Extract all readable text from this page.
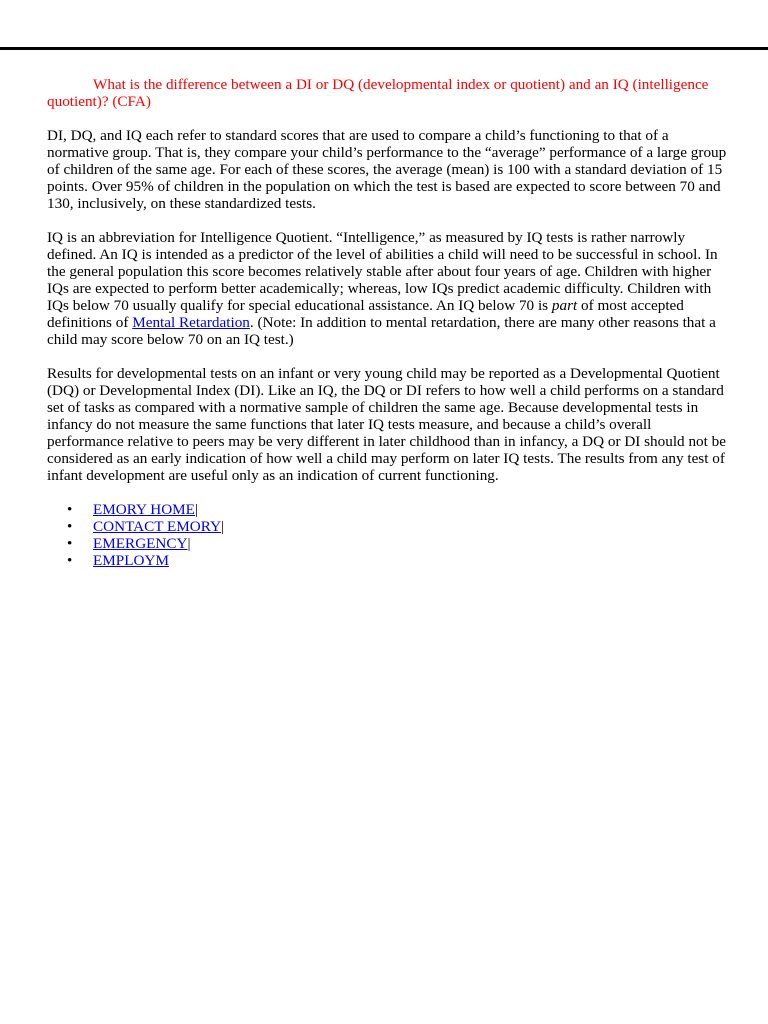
What is the difference between a DI or DQ (developmental index or quotient) and an IQ (intelligence quotient)? (CFA)

DI, DQ, and IQ each refer to standard scores that are used to compare a child’s functioning to that of a normative group. That is, they compare your child’s performance to the “average” performance of a large group of children of the same age. For each of these scores, the average (mean) is 100 with a standard deviation of 15 points. Over 95% of children in the population on which the test is based are expected to score between 70 and 130, inclusively, on these standardized tests.

IQ is an abbreviation for Intelligence Quotient. “Intelligence,” as measured by IQ tests is rather narrowly defined. An IQ is intended as a predictor of the level of abilities a child will need to be successful in school. In the general population this score becomes relatively stable after about four years of age. Children with higher IQs are expected to perform better academically; whereas, low IQs predict academic difficulty. Children with IQs below 70 usually qualify for special educational assistance. An IQ below 70 is part of most accepted definitions of Mental Retardation. (Note: In addition to mental retardation, there are many other reasons that a child may score below 70 on an IQ test.)

Results for developmental tests on an infant or very young child may be reported as a Developmental Quotient (DQ) or Developmental Index (DI). Like an IQ, the DQ or DI refers to how well a child performs on a standard set of tasks as compared with a normative sample of children the same age. Because developmental tests in infancy do not measure the same functions that later IQ tests measure, and because a child’s overall performance relative to peers may be very different in later childhood than in infancy, a DQ or DI should not be considered as an early indication of how well a child may perform on later IQ tests. The results from any test of infant development are useful only as an indication of current functioning.

• EMORY HOME|
• CONTACT EMORY|
• EMERGENCY|
• EMPLOYM
